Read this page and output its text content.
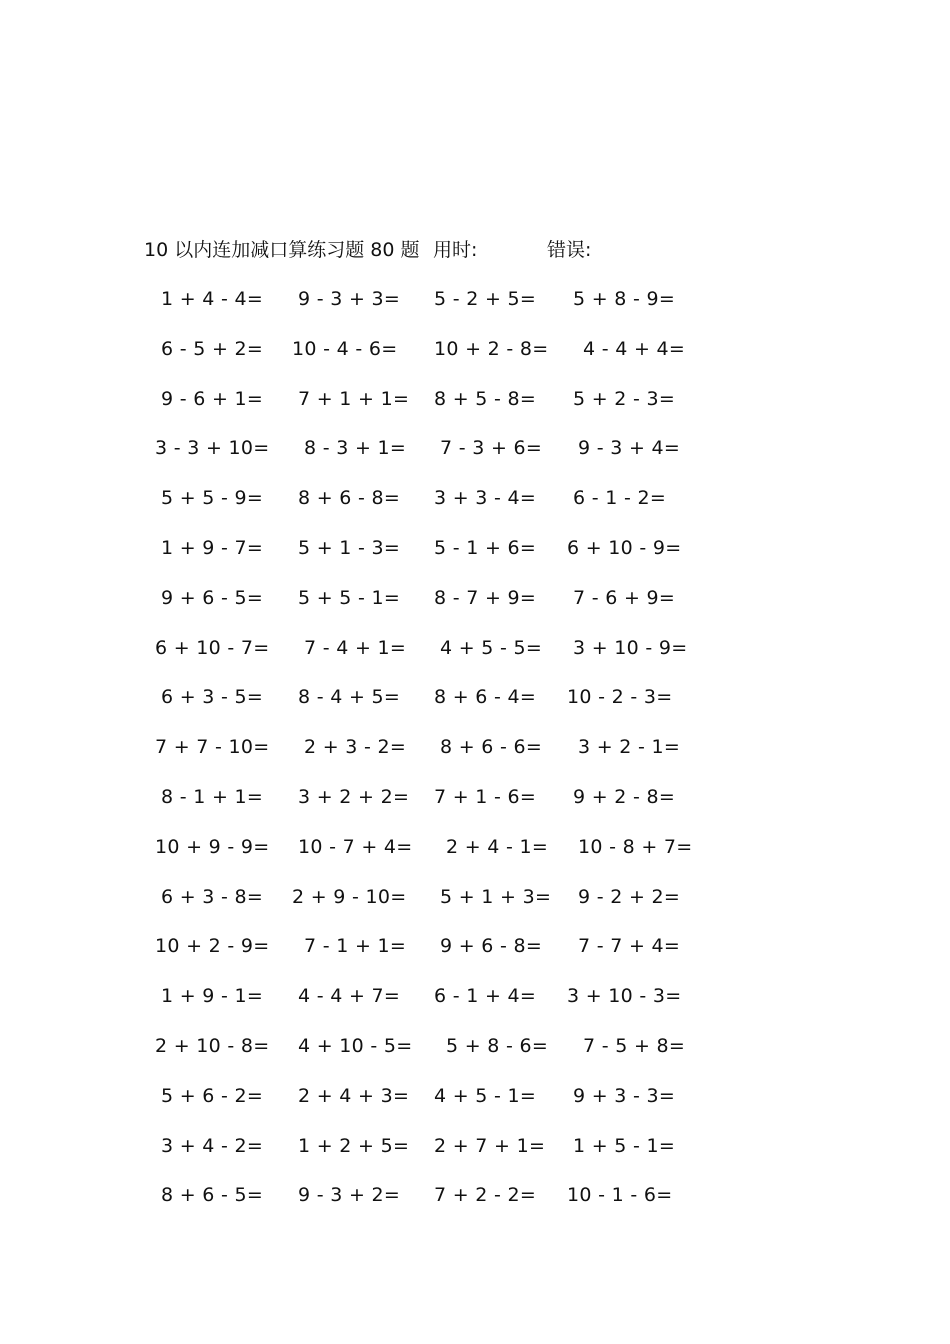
10 以内连加减口算练习题 80 题 用时:	错误:
1 + 4 - 4= 9 - 3 + 3= 5 - 2 + 5= 5 + 8 - 9=
6 - 5 + 2= 10 - 4 - 6= 10 + 2 - 8= 4 - 4 + 4=
9 - 6 + 1= 7 + 1 + 1= 8 + 5 - 8= 5 + 2 - 3=
3 - 3 + 10= 8 - 3 + 1= 7 - 3 + 6= 9 - 3 + 4=
5 + 5 - 9= 8 + 6 - 8= 3 + 3 - 4= 6 - 1 - 2=
1 + 9 - 7= 5 + 1 - 3= 5 - 1 + 6= 6 + 10 - 9=
9 + 6 - 5= 5 + 5 - 1= 8 - 7 + 9= 7 - 6 + 9=
6 + 10 - 7= 7 - 4 + 1= 4 + 5 - 5= 3 + 10 - 9=
6 + 3 - 5= 8 - 4 + 5= 8 + 6 - 4= 10 - 2 - 3=
7 + 7 - 10= 2 + 3 - 2= 8 + 6 - 6= 3 + 2 - 1=
8 - 1 + 1= 3 + 2 + 2= 7 + 1 - 6= 9 + 2 - 8=
10 + 9 - 9= 10 - 7 + 4= 2 + 4 - 1= 10 - 8 + 7=
6 + 3 - 8= 2 + 9 - 10= 5 + 1 + 3= 9 - 2 + 2=
10 + 2 - 9= 7 - 1 + 1= 9 + 6 - 8= 7 - 7 + 4=
1 + 9 - 1= 4 - 4 + 7= 6 - 1 + 4= 3 + 10 - 3=
2 + 10 - 8= 4 + 10 - 5= 5 + 8 - 6= 7 - 5 + 8=
5 + 6 - 2= 2 + 4 + 3= 4 + 5 - 1= 9 + 3 - 3=
3 + 4 - 2= 1 + 2 + 5= 2 + 7 + 1= 1 + 5 - 1=
8 + 6 - 5= 9 - 3 + 2= 7 + 2 - 2= 10 - 1 - 6=
